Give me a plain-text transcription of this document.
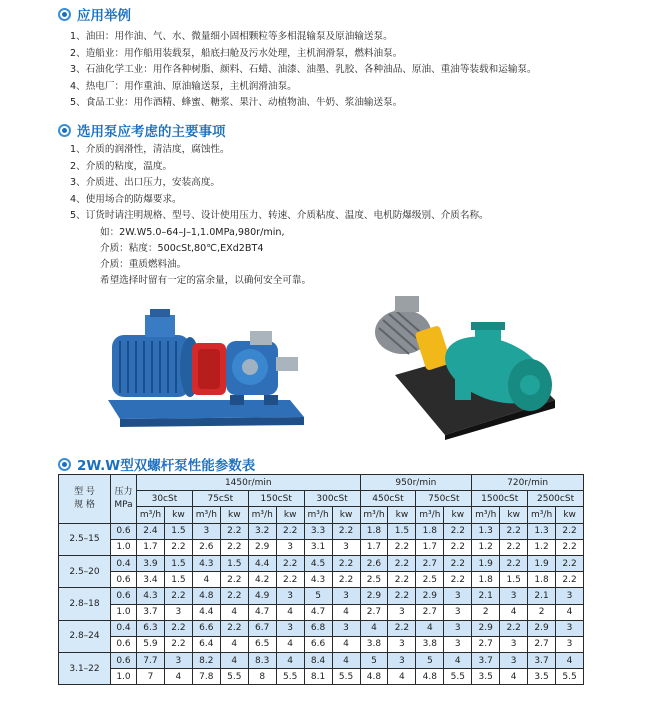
应用举例
1、油田：用作油、气、水、微量细小固相颗粒等多相混输泵及原油输送泵。
2、造船业：用作船用装载泵，船底扫舱及污水处理，主机润滑泵，燃料油泵。
3、石油化学工业：用作各种树脂、颜料、石蜡、油漆、油墨、乳胶、各种油品、原油、重油等装载和运输泵。
4、热电厂：用作重油、原油输送泵，主机润滑油泵。
5、食品工业：用作酒精、蜂蜜、糖浆、果汁、动植物油、牛奶、浆油输送泵。
选用泵应考虑的主要事项
1、介质的润滑性，清洁度，腐蚀性。
2、介质的粘度，温度。
3、介质进、出口压力，安装高度。
4、使用场合的防爆要求。
5、订货时请注明规格、型号、设计使用压力、转速、介质粘度、温度、电机防爆级别、介质名称。
如：2W.W5.0–64–J–1,1.0MPa,980r/min,
介质：粘度：500cSt,80℃,EXd2BT4
介质：重质燃料油。
希望选择时留有一定的富余量，以确何安全可靠。
2W.W型双螺杆泵性能参数表
型 号
规 格	压力
MPa	1450r/min								950r/min				720r/min			
		30cSt		75cSt		150cSt		300cSt		450cSt		750cSt		1500cSt		2500cSt	
		m³/h	kw	m³/h	kw	m³/h	kw	m³/h	kw	m³/h	kw	m³/h	kw	m³/h	kw	m³/h	kw
2.5–15	0.6	2.4	1.5	3	2.2	3.2	2.2	3.3	2.2	1.8	1.5	1.8	2.2	1.3	2.2	1.3	2.2
	1.0	1.7	2.2	2.6	2.2	2.9	3	3.1	3	1.7	2.2	1.7	2.2	1.2	2.2	1.2	2.2
2.5–20	0.4	3.9	1.5	4.3	1.5	4.4	2.2	4.5	2.2	2.6	2.2	2.7	2.2	1.9	2.2	1.9	2.2
	0.6	3.4	1.5	4	2.2	4.2	2.2	4.3	2.2	2.5	2.2	2.5	2.2	1.8	1.5	1.8	2.2
2.8–18	0.6	4.3	2.2	4.8	2.2	4.9	3	5	3	2.9	2.2	2.9	3	2.1	3	2.1	3
	1.0	3.7	3	4.4	4	4.7	4	4.7	4	2.7	3	2.7	3	2	4	2	4
2.8–24	0.4	6.3	2.2	6.6	2.2	6.7	3	6.8	3	4	2.2	4	3	2.9	2.2	2.9	3
	0.6	5.9	2.2	6.4	4	6.5	4	6.6	4	3.8	3	3.8	3	2.7	3	2.7	3
3.1–22	0.6	7.7	3	8.2	4	8.3	4	8.4	4	5	3	5	4	3.7	3	3.7	4
	1.0	7	4	7.8	5.5	8	5.5	8.1	5.5	4.8	4	4.8	5.5	3.5	4	3.5	5.5
